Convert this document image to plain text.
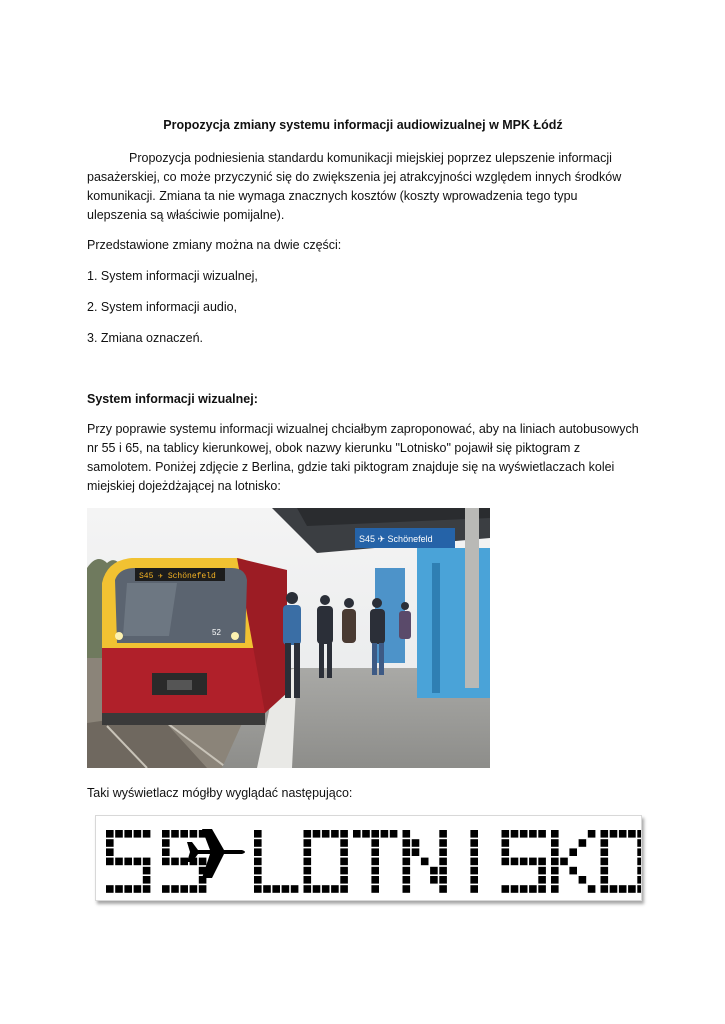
Propozycja zmiany systemu informacji audiowizualnej w MPK Łódź

Propozycja podniesienia standardu komunikacji miejskiej poprzez ulepszenie informacji pasażerskiej, co może przyczynić się do zwiększenia jej atrakcyjności względem innych środków komunikacji. Zmiana ta nie wymaga znacznych kosztów (koszty wprowadzenia tego typu ulepszenia są właściwie pomijalne).

Przedstawione zmiany można na dwie części:

1. System informacji wizualnej,

2. System informacji audio,

3. Zmiana oznaczeń.

System informacji wizualnej:

Przy poprawie systemu informacji wizualnej chciałbym zaproponować, aby na liniach autobusowych nr 55 i 65, na tablicy kierunkowej, obok nazwy kierunku "Lotnisko" pojawił się piktogram z samolotem. Poniżej zdjęcie z Berlina, gdzie taki piktogram znajduje się na wyświetlaczach kolei miejskiej dojeżdżającej na lotnisko:

S45 ✈ Schönefeld
S45 ✈ Schönefeld
52

Taki wyświetlacz mógłby wyglądać następująco:
